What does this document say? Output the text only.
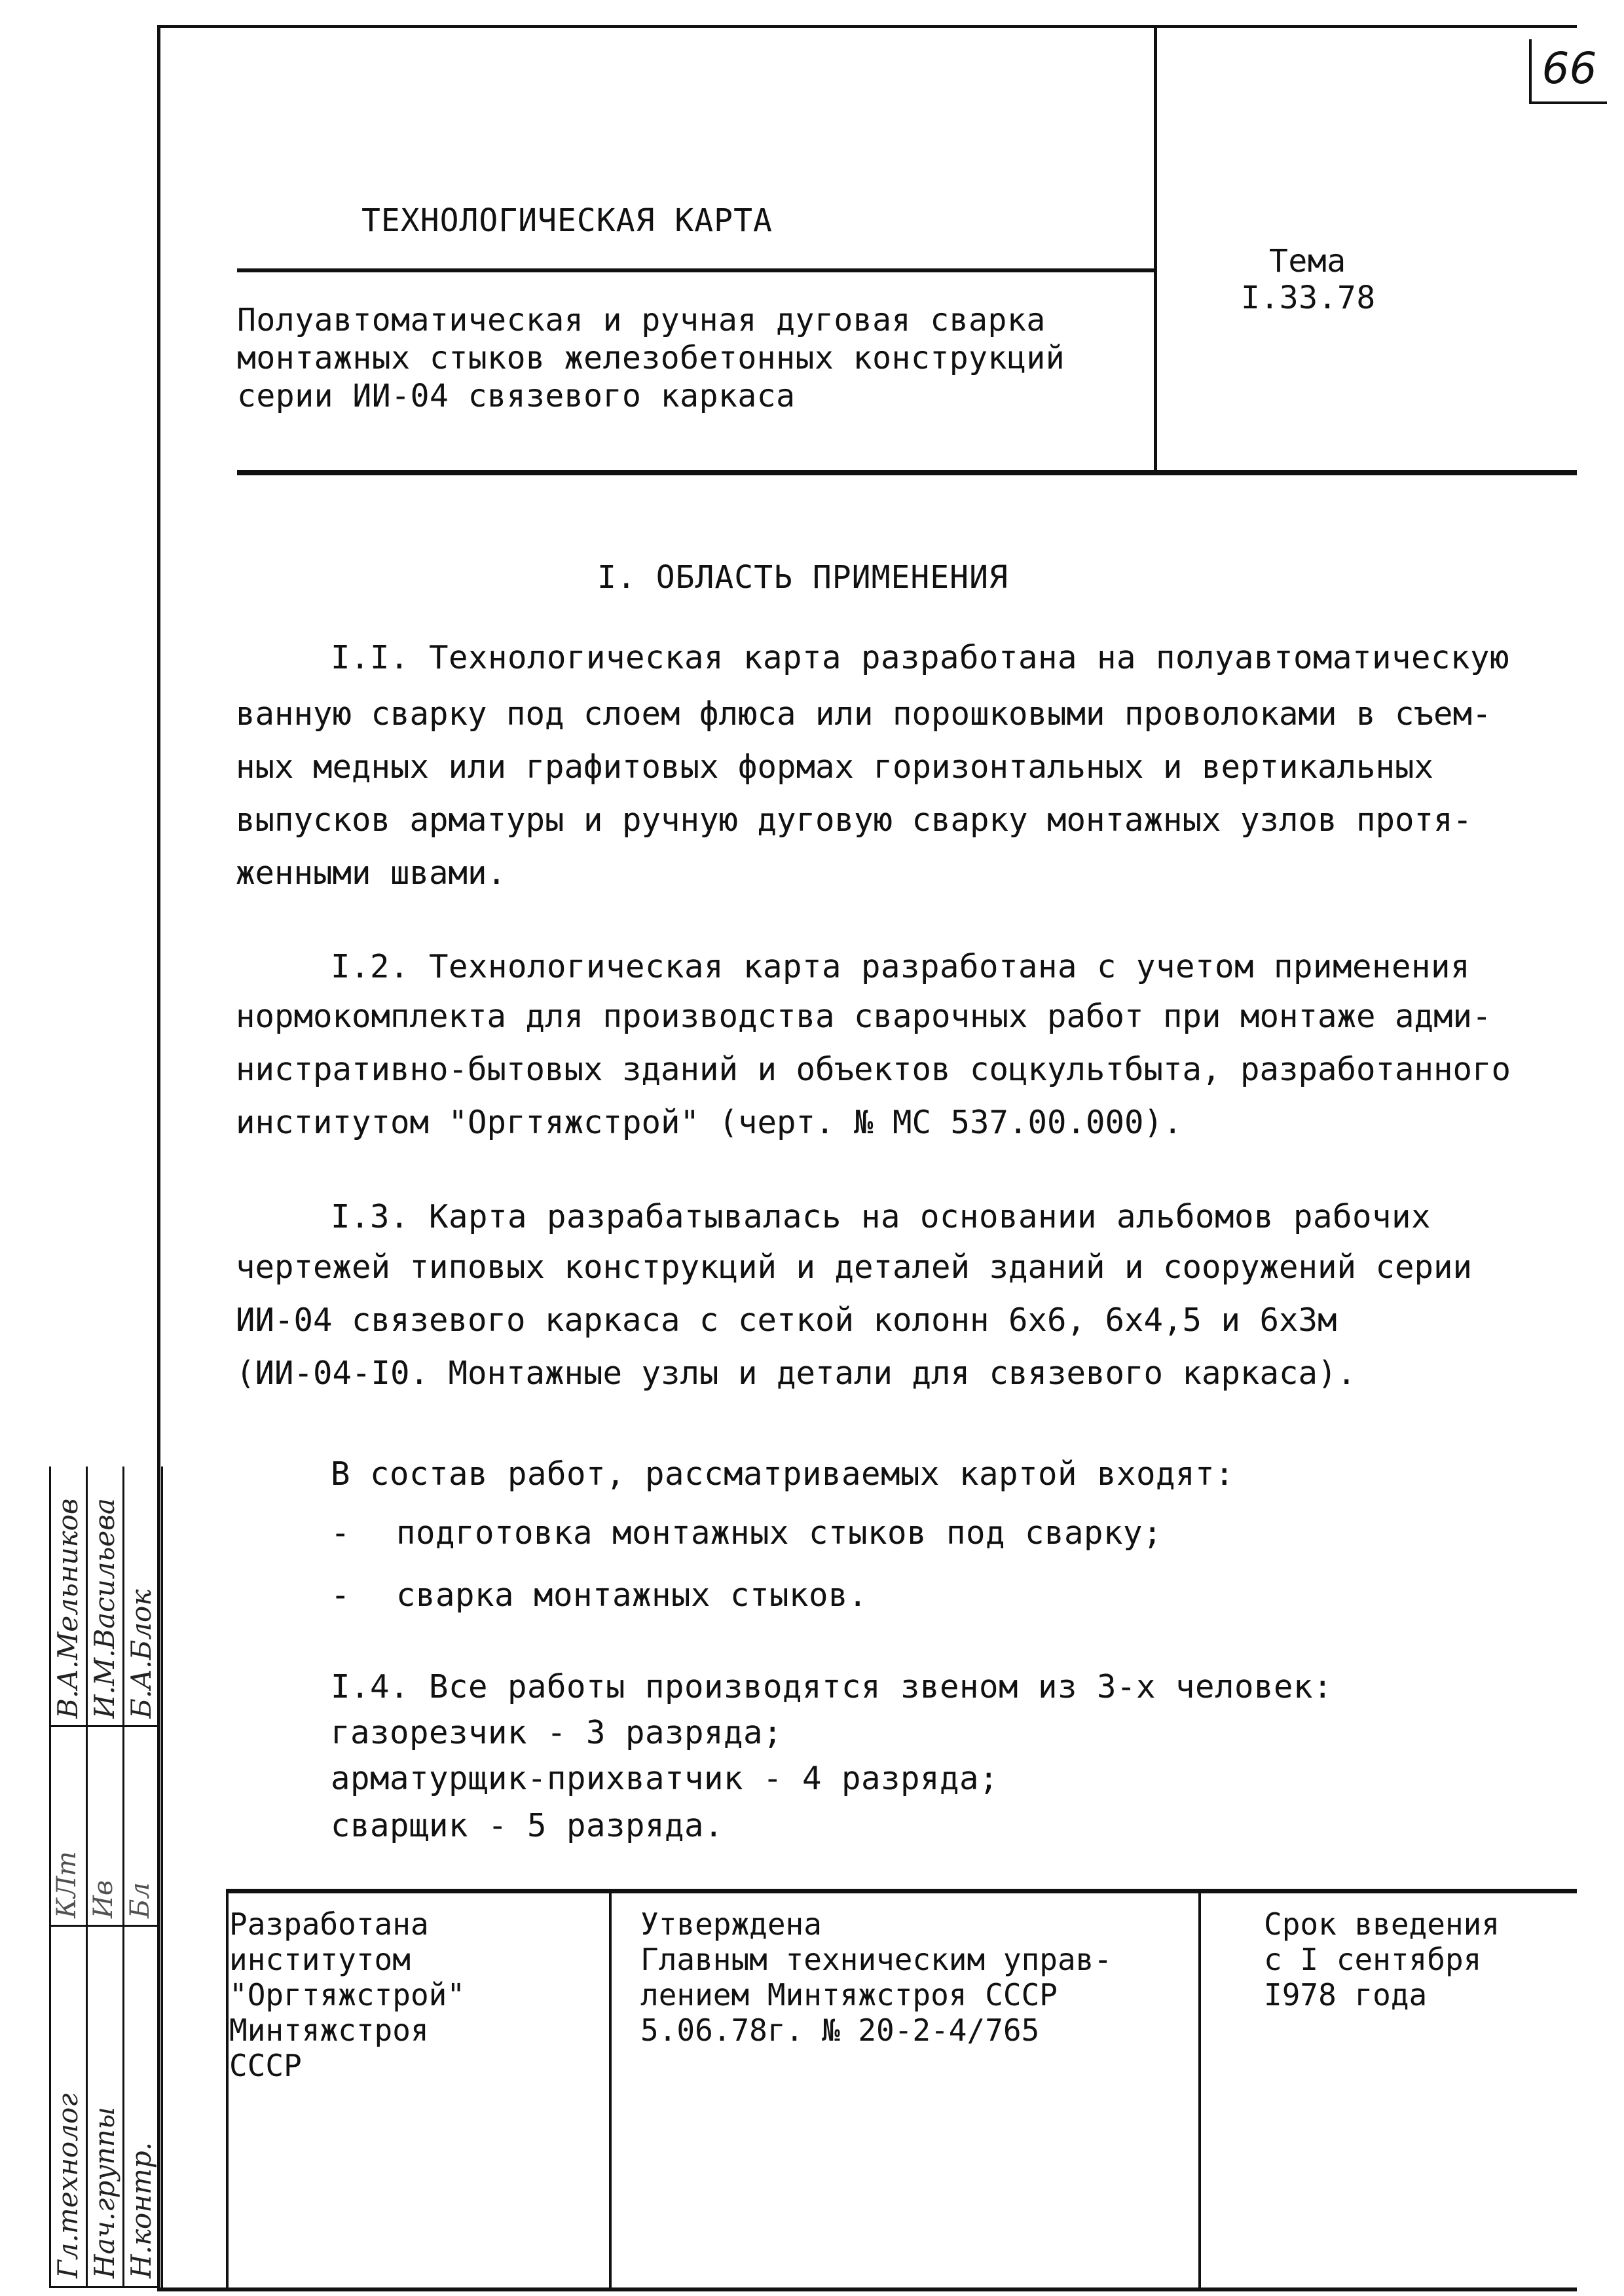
66
ТЕХНОЛОГИЧЕСКАЯ КАРТА
Полуавтоматическая и ручная дуговая сварка
монтажных стыков железобетонных конструкций
серии ИИ-04 связевого каркаса
Тема
I.33.78
I. ОБЛАСТЬ ПРИМЕНЕНИЯ
I.I. Технологическая карта разработана на полуавтоматическую
ванную сварку под слоем флюса или порошковыми проволоками в съем-
ных медных или графитовых формах горизонтальных и вертикальных
выпусков арматуры и ручную дуговую сварку монтажных узлов протя-
женными швами.
I.2. Технологическая карта разработана с учетом применения
нормокомплекта для производства сварочных работ при монтаже адми-
нистративно-бытовых зданий и объектов соцкультбыта, разработанного
институтом "Оргтяжстрой" (черт. № МС 537.00.000).
I.3. Карта разрабатывалась на основании альбомов рабочих
чертежей типовых конструкций и деталей зданий и сооружений серии
ИИ-04 связевого каркаса с сеткой колонн 6х6, 6х4,5 и 6х3м
(ИИ-04-I0. Монтажные узлы и детали для связевого каркаса).
В состав работ, рассматриваемых картой входят:
- подготовка монтажных стыков под сварку;
- сварка монтажных стыков.
I.4. Все работы производятся звеном из 3-х человек:
газорезчик - 3 разряда;
арматурщик-прихватчик - 4 разряда;
сварщик - 5 разряда.
Разработана
институтом
"Оргтяжстрой"
Минтяжстроя
СССР
Утверждена
Главным техническим управ-
лением Минтяжстроя СССР
5.06.78г. № 20-2-4/765
Срок введения
с I сентября
I978 года
В.А.Мельников И.М.Васильева Б.А.Блок
КЛт Ив Бл
Гл.технолог Нач.группы Н.контр.
